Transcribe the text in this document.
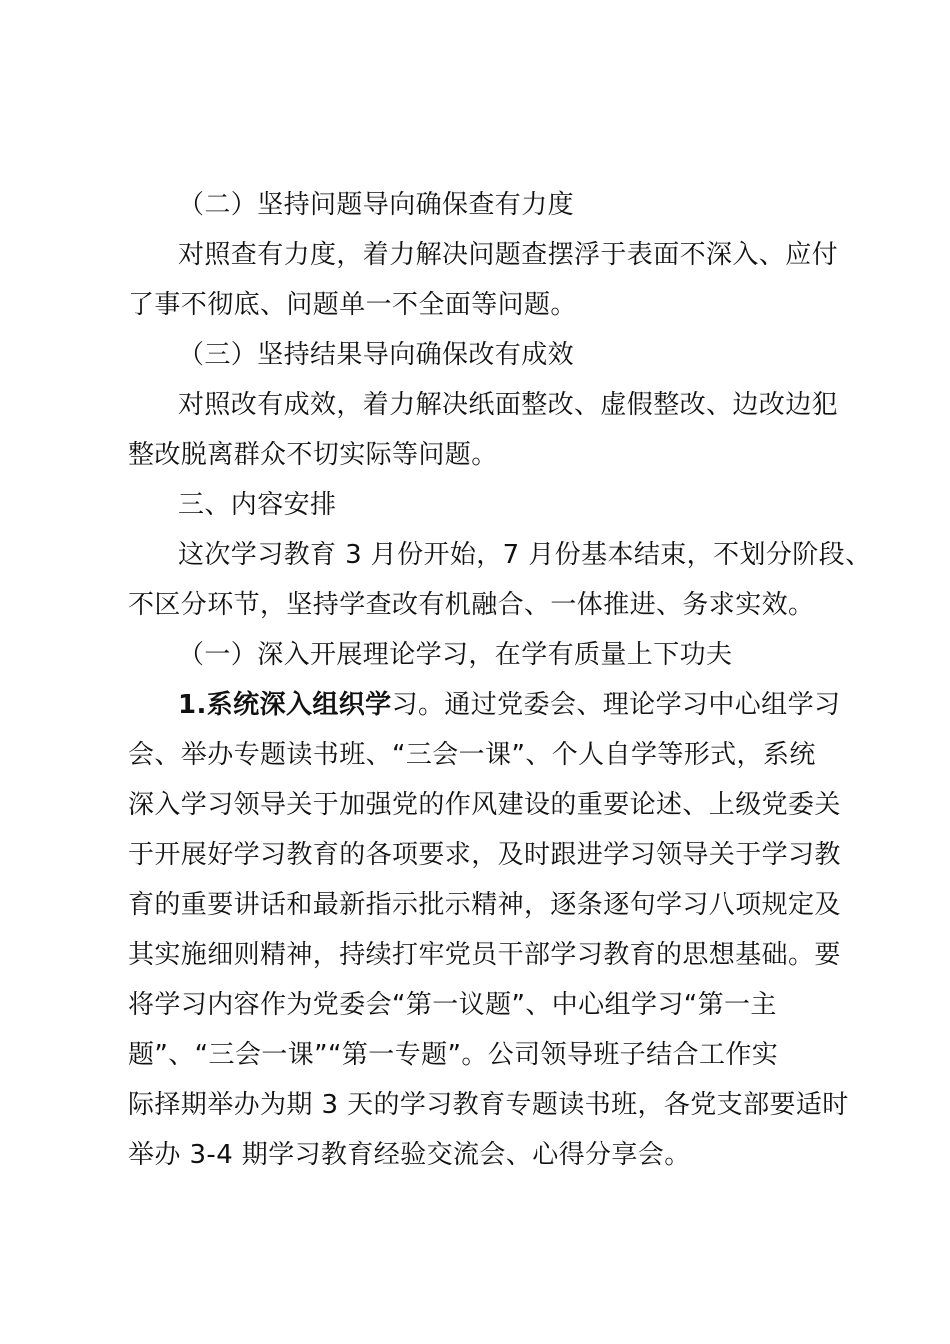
（二）坚持问题导向确保查有力度
对照查有力度，着力解决问题查摆浮于表面不深入、应付
了事不彻底、问题单一不全面等问题。
（三）坚持结果导向确保改有成效
对照改有成效，着力解决纸面整改、虚假整改、边改边犯
整改脱离群众不切实际等问题。
三、内容安排
这次学习教育 3 月份开始，7 月份基本结束，不划分阶段、
不区分环节，坚持学查改有机融合、一体推进、务求实效。
（一）深入开展理论学习，在学有质量上下功夫
1.系统深入组织学习。通过党委会、理论学习中心组学习
会、举办专题读书班、“三会一课”、个人自学等形式，系统
深入学习领导关于加强党的作风建设的重要论述、上级党委关
于开展好学习教育的各项要求，及时跟进学习领导关于学习教
育的重要讲话和最新指示批示精神，逐条逐句学习八项规定及
其实施细则精神，持续打牢党员干部学习教育的思想基础。要
将学习内容作为党委会“第一议题”、中心组学习“第一主
题”、“三会一课”“第一专题”。公司领导班子结合工作实
际择期举办为期 3 天的学习教育专题读书班，各党支部要适时
举办 3-4 期学习教育经验交流会、心得分享会。
